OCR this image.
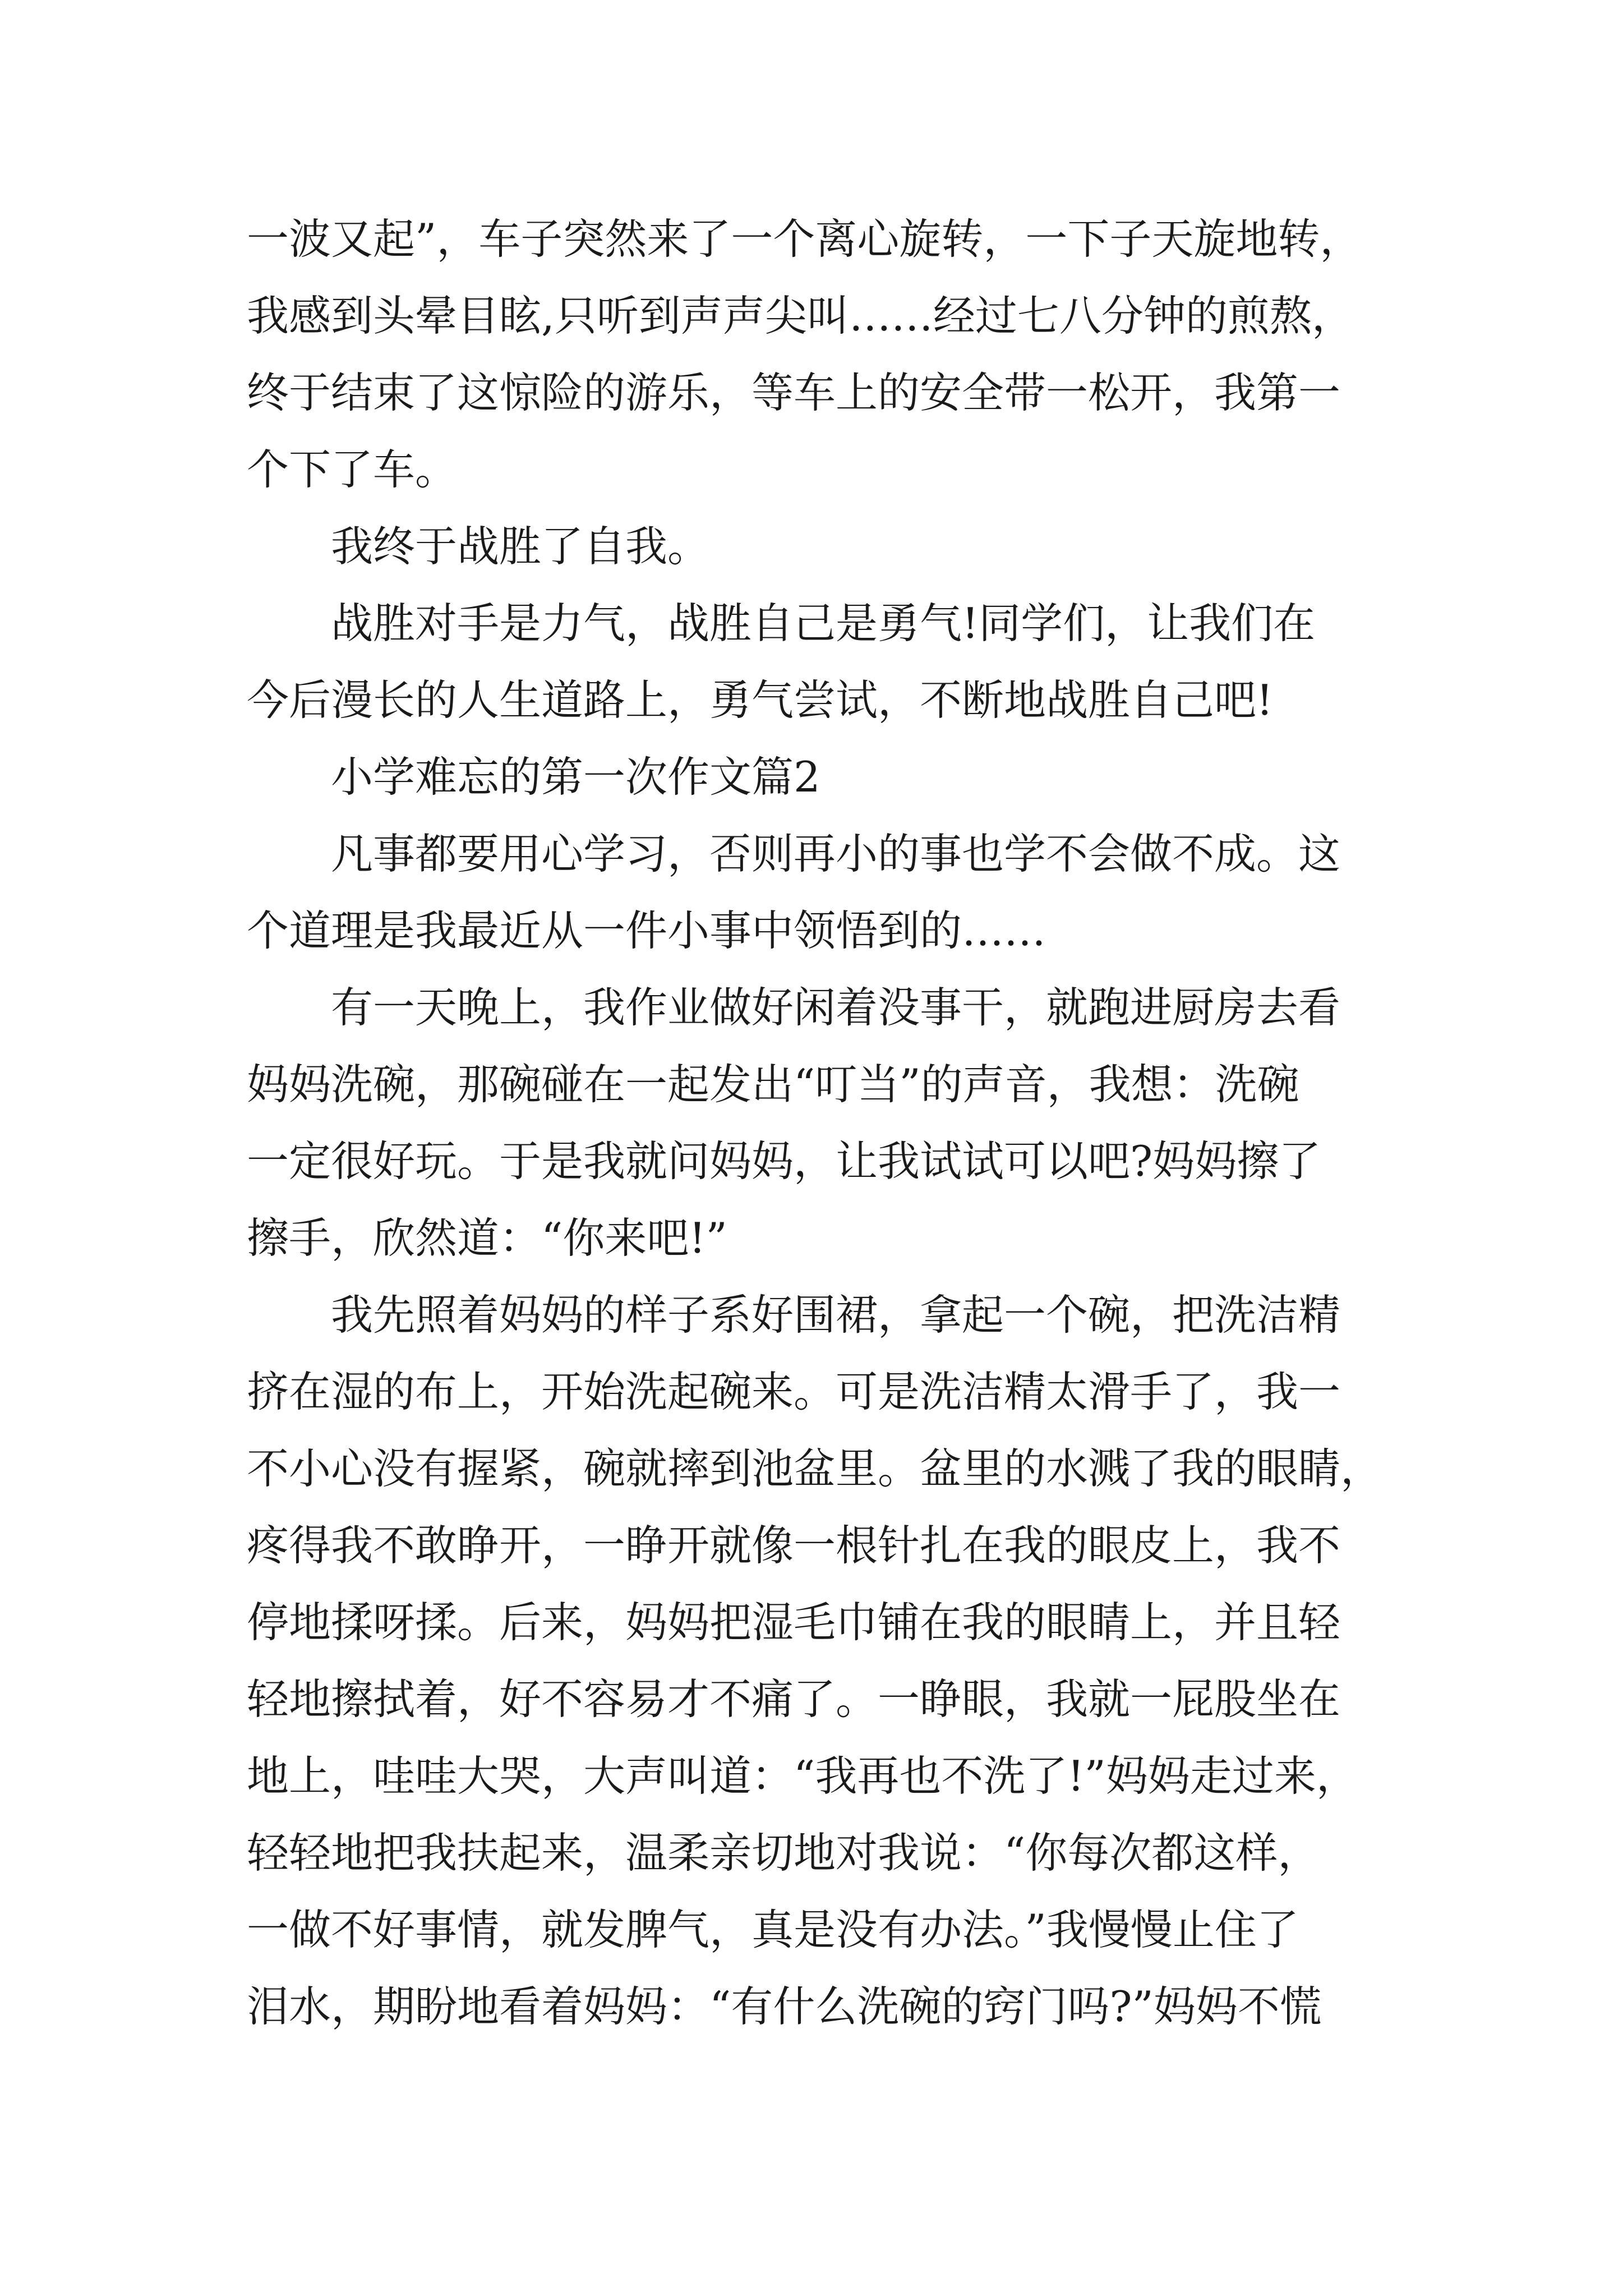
一波又起”，车子突然来了一个离心旋转，一下子天旋地转，
我感到头晕目眩,只听到声声尖叫……经过七八分钟的煎熬，
终于结束了这惊险的游乐，等车上的安全带一松开，我第一
个下了车。
我终于战胜了自我。
战胜对手是力气，战胜自己是勇气!同学们，让我们在
今后漫长的人生道路上，勇气尝试，不断地战胜自己吧!
小学难忘的第一次作文篇2
凡事都要用心学习，否则再小的事也学不会做不成。这
个道理是我最近从一件小事中领悟到的……
有一天晚上，我作业做好闲着没事干，就跑进厨房去看
妈妈洗碗，那碗碰在一起发出“叮当”的声音，我想：洗碗
一定很好玩。于是我就问妈妈，让我试试可以吧?妈妈擦了
擦手，欣然道：“你来吧!”
我先照着妈妈的样子系好围裙，拿起一个碗，把洗洁精
挤在湿的布上，开始洗起碗来。可是洗洁精太滑手了，我一
不小心没有握紧，碗就摔到池盆里。盆里的水溅了我的眼睛，
疼得我不敢睁开，一睁开就像一根针扎在我的眼皮上，我不
停地揉呀揉。后来，妈妈把湿毛巾铺在我的眼睛上，并且轻
轻地擦拭着，好不容易才不痛了。一睁眼，我就一屁股坐在
地上，哇哇大哭，大声叫道：“我再也不洗了!”妈妈走过来，
轻轻地把我扶起来，温柔亲切地对我说：“你每次都这样，
一做不好事情，就发脾气，真是没有办法。”我慢慢止住了
泪水，期盼地看着妈妈：“有什么洗碗的窍门吗?”妈妈不慌
